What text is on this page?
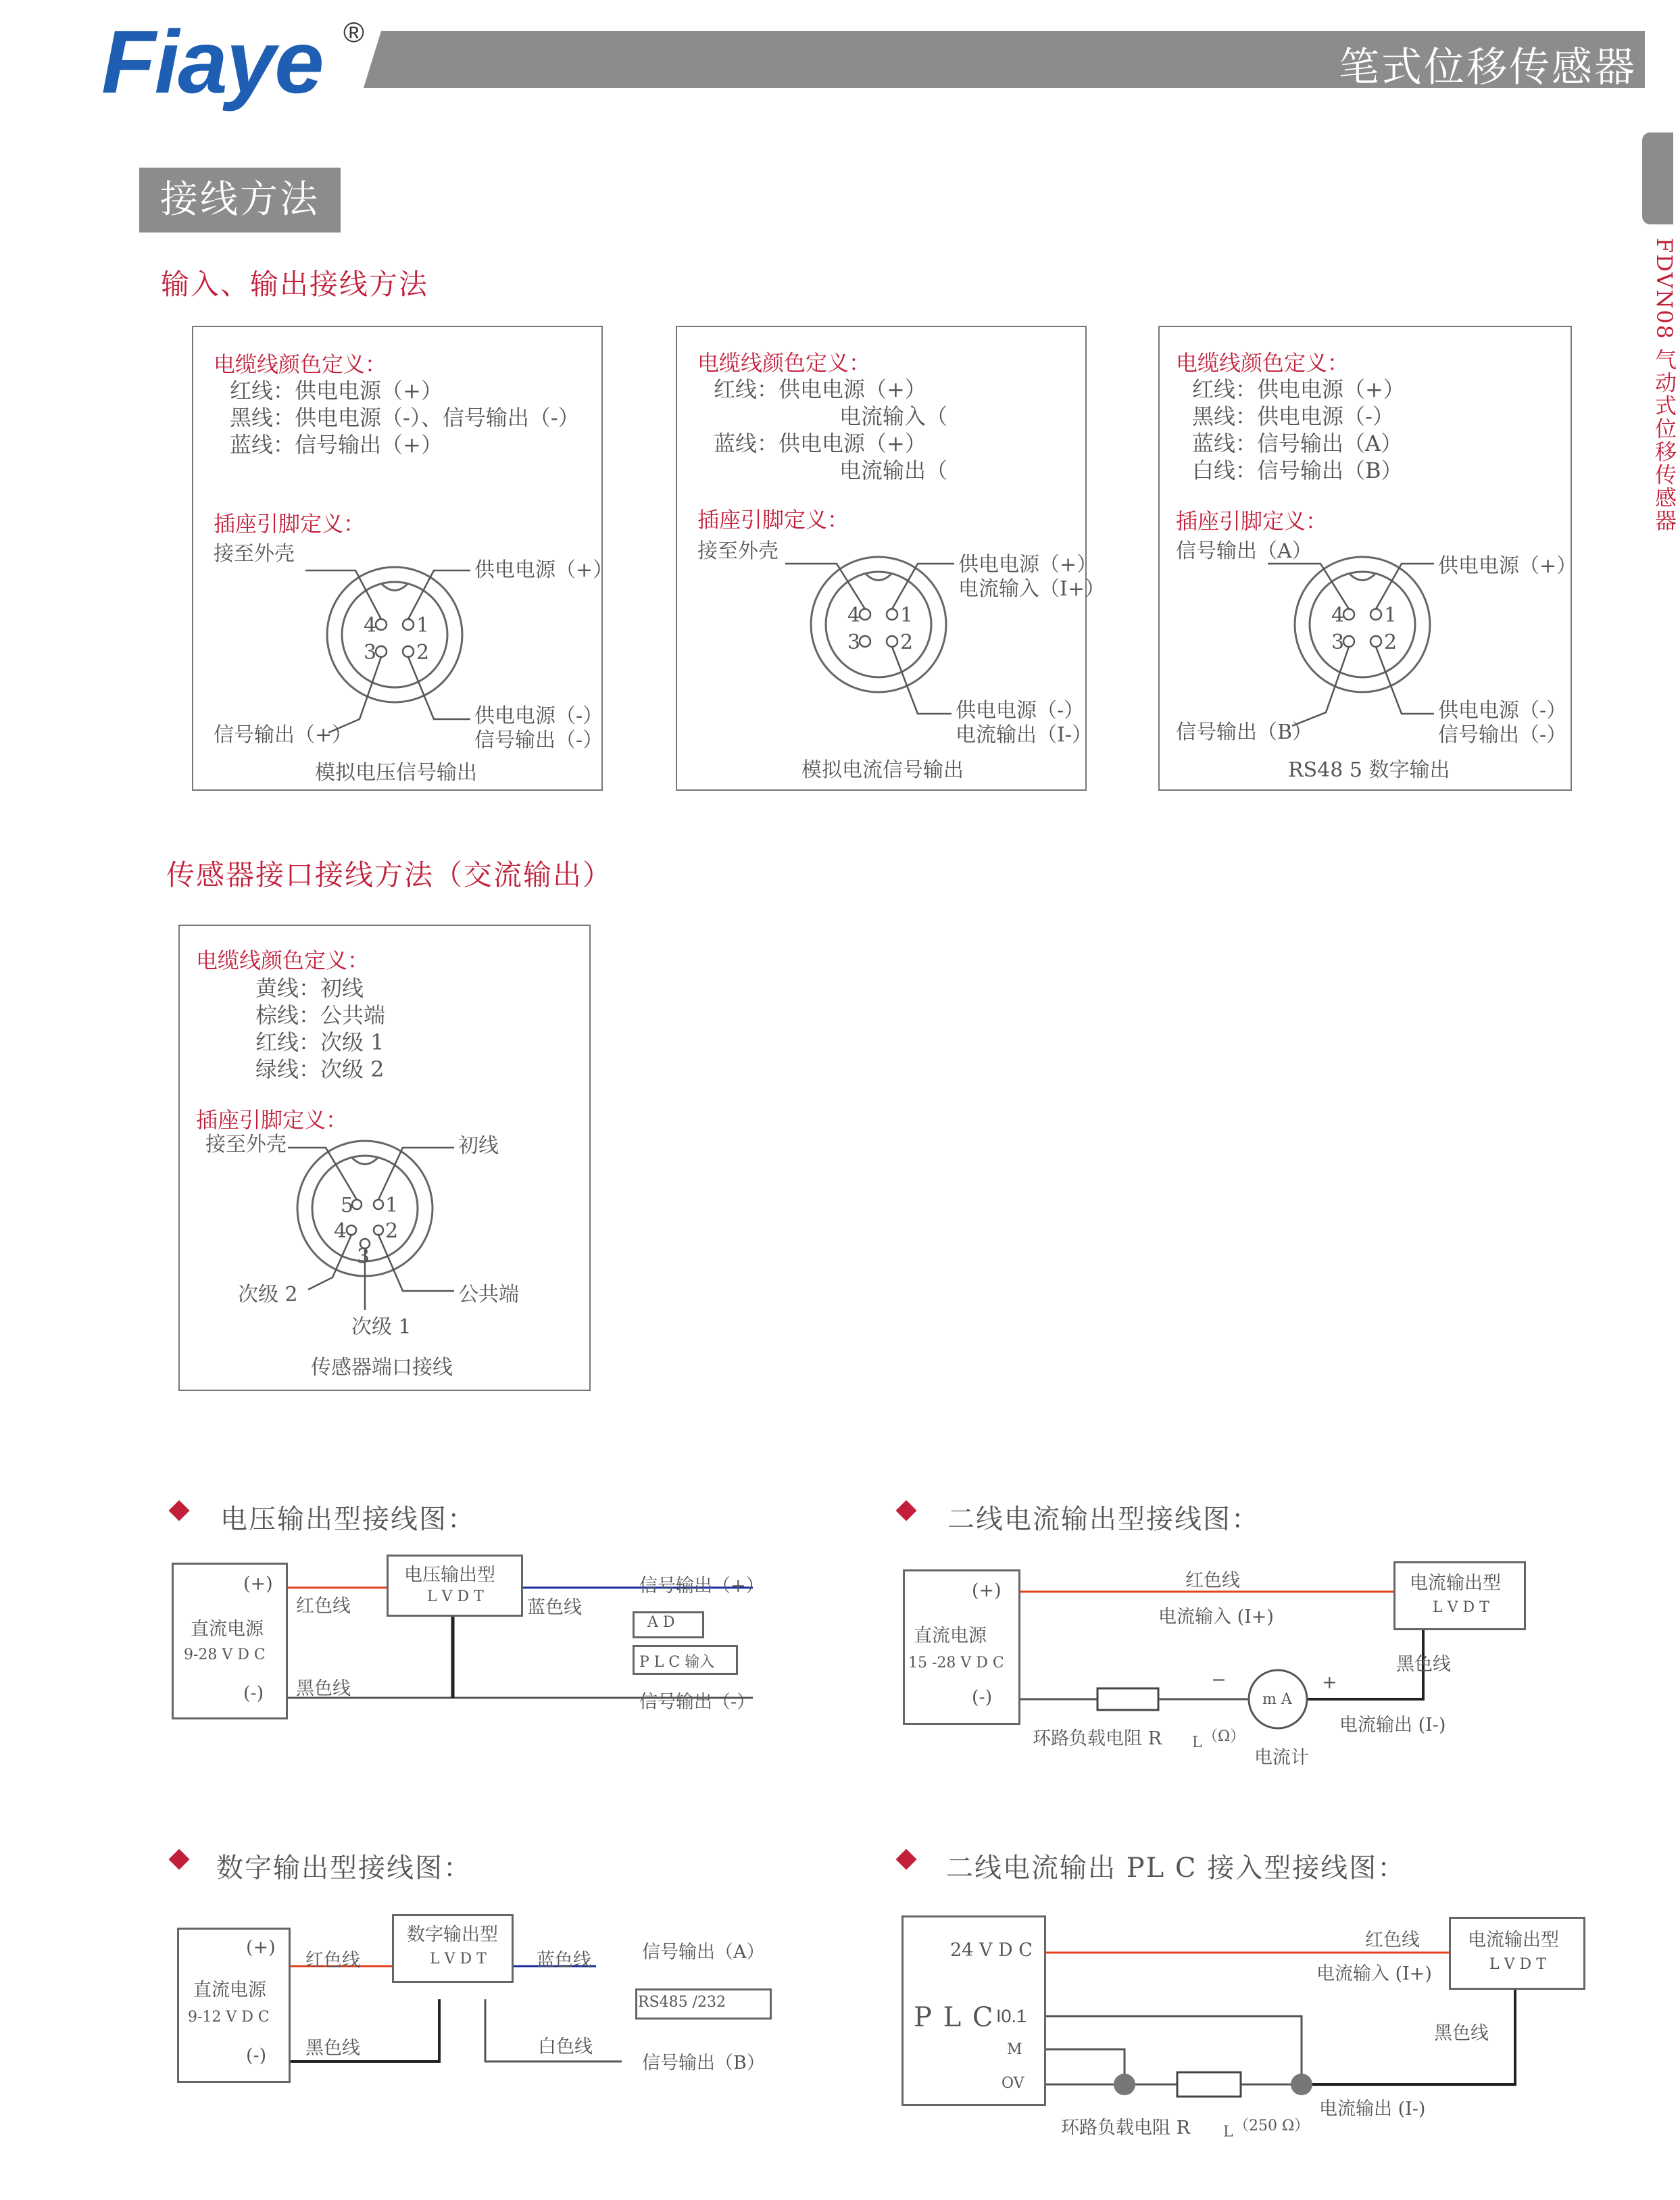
Fiaye ®
笔式位移传感器
FDVN08 气动式位移传感器
接线方法
输入、输出接线方法
电缆线颜色定义：
红线：供电电源（+）
黑线：供电电源（-）、信号输出（-）
蓝线：信号输出（+）
插座引脚定义：
接至外壳
供电电源（+）
信号输出（+）
供电电源（-）
信号输出（-）
4 1
3 2
模拟电压信号输出
电缆线颜色定义：
红线：供电电源（+）
电流输入（
蓝线：供电电源（+）
电流输出（
插座引脚定义：
接至外壳
供电电源（+）
电流输入（I+）
供电电源（-）
电流输出（I-）
4 1
3 2
模拟电流信号输出
电缆线颜色定义：
红线：供电电源（+）
黑线：供电电源（-）
蓝线：信号输出（A）
白线：信号输出（B）
插座引脚定义：
信号输出（A）
供电电源（+）
信号输出（B）
供电电源（-）
信号输出（-）
4 1
3 2
RS48 5 数字输出
传感器接口接线方法（交流输出）
电缆线颜色定义：
黄线：初线
棕线：公共端
红线：次级 1
绿线：次级 2
插座引脚定义：
接至外壳	初线
次级 2	公共端
次级 1
5 1
4 2
3
传感器端口接线
电压输出型接线图：
(+)
直流电源
9-28 V D C
(-)
红色线
黑色线
电压输出型
L V D T
蓝色线
信号输出（+）
A D
P L C 输入
信号输出（-）
二线电流输出型接线图：
(+)
直流电源
15 -28 V D C
(-)
红色线
电流输入 (I+)
电流输出型
L V D T
黑色线
m A
−	+
电流输出 (I-)
环路负载电阻 R L （Ω）
电流计
数字输出型接线图：
(+)
直流电源
9-12 V D C
(-)
红色线
黑色线
数字输出型
L V D T	蓝色线
白色线
信号输出（A）
RS485 /232
信号输出（B）
二线电流输出 PL C 接入型接线图：
24 V D C
P L C I0.1
M
OV
红色线
电流输入 (I+)
电流输出型
L V D T
黑色线
电流输出 (I-)
环路负载电阻 R L （250 Ω）
